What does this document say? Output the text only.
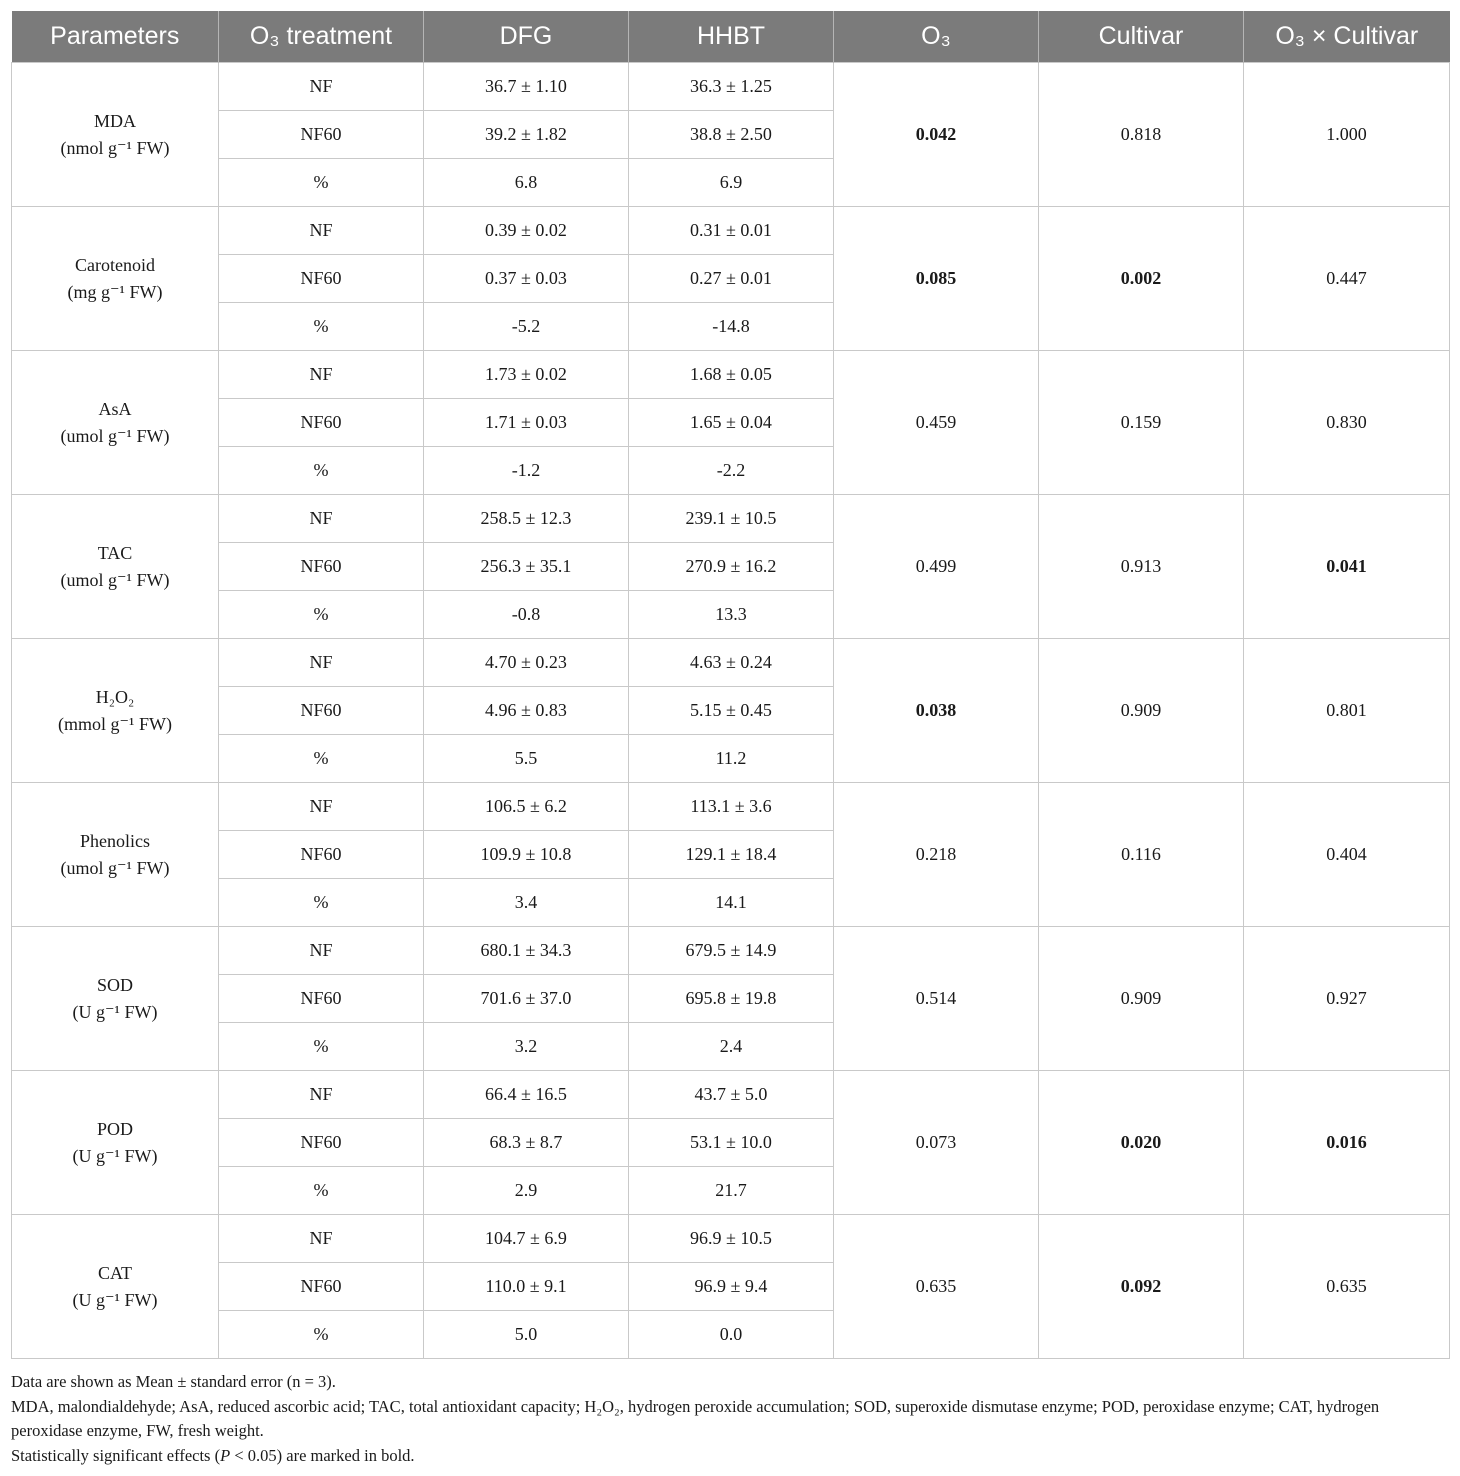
Parameters	O₃ treatment	DFG	HHBT	O₃	Cultivar	O₃ × Cultivar

MDA
(nmol g⁻¹ FW)	NF	36.7 ± 1.10	36.3 ± 1.25	0.042	0.818	1.000
	NF60	39.2 ± 1.82	38.8 ± 2.50			
	%	6.8	6.9			

Carotenoid
(mg g⁻¹ FW)	NF	0.39 ± 0.02	0.31 ± 0.01	0.085	0.002	0.447
	NF60	0.37 ± 0.03	0.27 ± 0.01			
	%	-5.2	-14.8			

AsA
(umol g⁻¹ FW)	NF	1.73 ± 0.02	1.68 ± 0.05	0.459	0.159	0.830
	NF60	1.71 ± 0.03	1.65 ± 0.04			
	%	-1.2	-2.2			

TAC
(umol g⁻¹ FW)	NF	258.5 ± 12.3	239.1 ± 10.5	0.499	0.913	0.041
	NF60	256.3 ± 35.1	270.9 ± 16.2			
	%	-0.8	13.3			

H₂O₂
(mmol g⁻¹ FW)	NF	4.70 ± 0.23	4.63 ± 0.24	0.038	0.909	0.801
	NF60	4.96 ± 0.83	5.15 ± 0.45			
	%	5.5	11.2			

Phenolics
(umol g⁻¹ FW)	NF	106.5 ± 6.2	113.1 ± 3.6	0.218	0.116	0.404
	NF60	109.9 ± 10.8	129.1 ± 18.4			
	%	3.4	14.1			

SOD
(U g⁻¹ FW)	NF	680.1 ± 34.3	679.5 ± 14.9	0.514	0.909	0.927
	NF60	701.6 ± 37.0	695.8 ± 19.8			
	%	3.2	2.4			

POD
(U g⁻¹ FW)	NF	66.4 ± 16.5	43.7 ± 5.0	0.073	0.020	0.016
	NF60	68.3 ± 8.7	53.1 ± 10.0			
	%	2.9	21.7			

CAT
(U g⁻¹ FW)	NF	104.7 ± 6.9	96.9 ± 10.5	0.635	0.092	0.635
	NF60	110.0 ± 9.1	96.9 ± 9.4			
	%	5.0	0.0			

Data are shown as Mean ± standard error (n = 3).

MDA, malondialdehyde; AsA, reduced ascorbic acid; TAC, total antioxidant capacity; H₂O₂, hydrogen peroxide accumulation; SOD, superoxide dismutase enzyme; POD, peroxidase enzyme; CAT, hydrogen peroxidase enzyme, FW, fresh weight.

Statistically significant effects (P < 0.05) are marked in bold.
